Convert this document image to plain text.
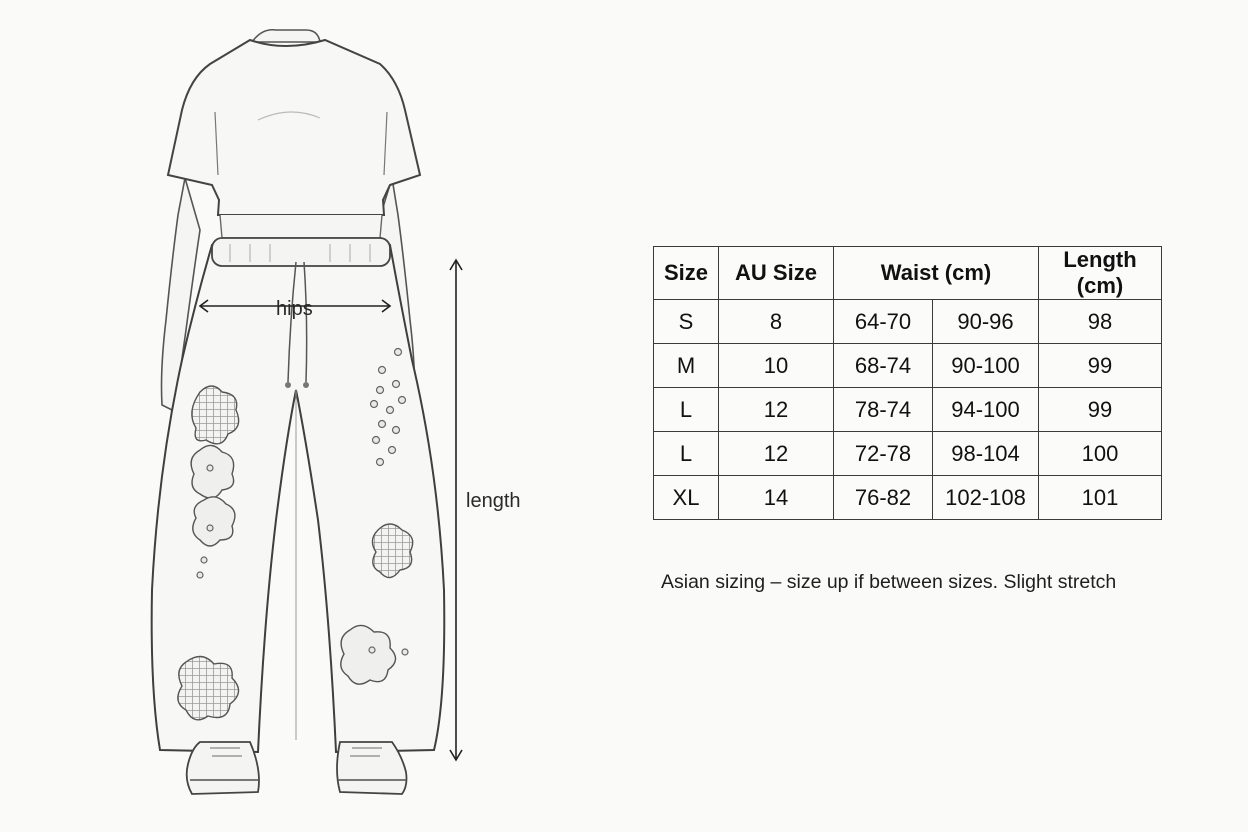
hips
length
Size	AU Size	Waist (cm)		Length (cm)
S	8	64-70	90-96	98
M	10	68-74	90-100	99
L	12	78-74	94-100	99
L	12	72-78	98-104	100
XL	14	76-82	102-108	101
Asian sizing – size up if between sizes. Slight stretch
